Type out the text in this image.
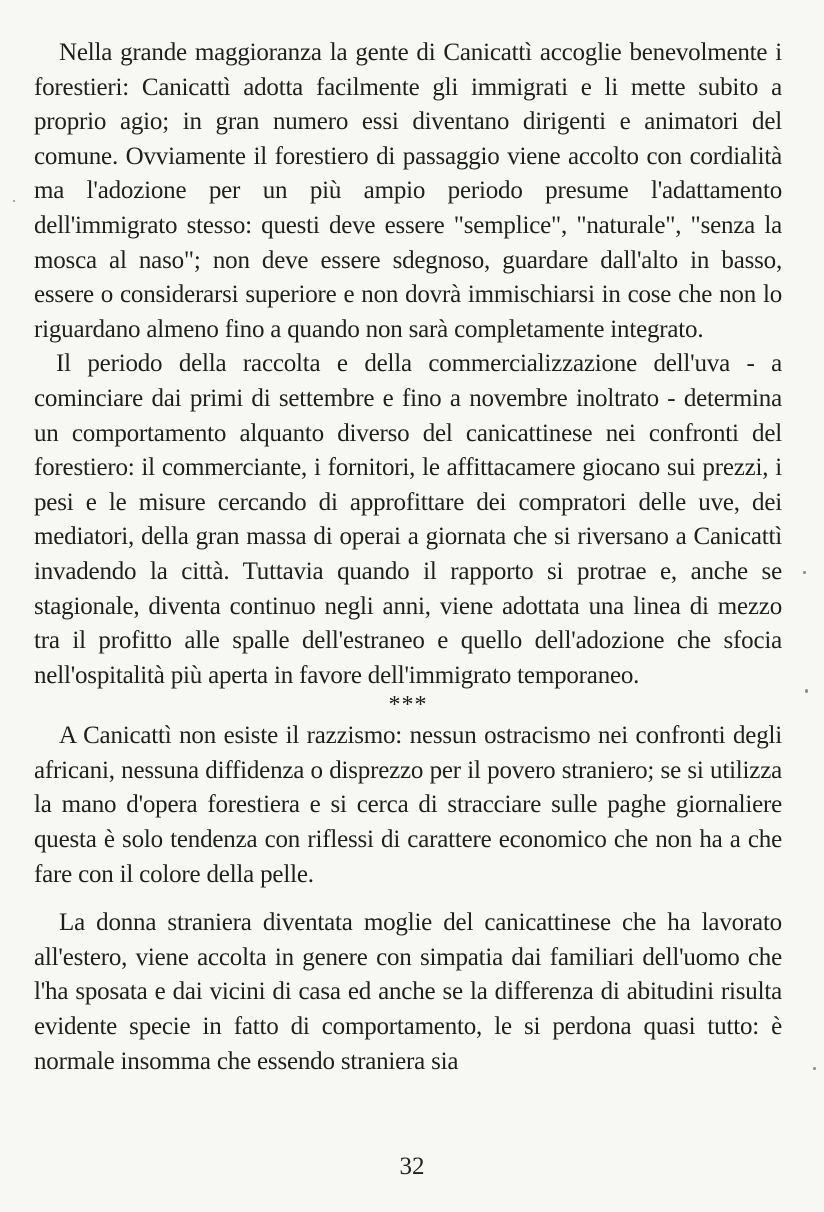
Nella grande maggioranza la gente di Canicattì accoglie benevolmente i forestieri: Canicattì adotta facilmente gli immigrati e li mette subito a proprio agio; in gran numero essi diventano dirigenti e animatori del comune. Ovviamente il forestiero di passaggio viene accolto con cordialità ma l'adozione per un più ampio periodo presume l'adattamento dell'immigrato stesso: questi deve essere "semplice", "naturale", "senza la mosca al naso"; non deve essere sdegnoso, guardare dall'alto in basso, essere o considerarsi superiore e non dovrà immischiarsi in cose che non lo riguardano almeno fino a quando non sarà completamente integrato.

Il periodo della raccolta e della commercializzazione dell'uva - a cominciare dai primi di settembre e fino a novembre inoltrato - determina un comportamento alquanto diverso del canicattinese nei confronti del forestiero: il commerciante, i fornitori, le affittacamere giocano sui prezzi, i pesi e le misure cercando di approfittare dei compratori delle uve, dei mediatori, della gran massa di operai a giornata che si riversano a Canicattì invadendo la città. Tuttavia quando il rapporto si protrae e, anche se stagionale, diventa continuo negli anni, viene adottata una linea di mezzo tra il profitto alle spalle dell'estraneo e quello dell'adozione che sfocia nell'ospitalità più aperta in favore dell'immigrato temporaneo.

***

A Canicattì non esiste il razzismo: nessun ostracismo nei confronti degli africani, nessuna diffidenza o disprezzo per il povero straniero; se si utilizza la mano d'opera forestiera e si cerca di stracciare sulle paghe giornaliere questa è solo tendenza con riflessi di carattere economico che non ha a che fare con il colore della pelle.

La donna straniera diventata moglie del canicattinese che ha lavorato all'estero, viene accolta in genere con simpatia dai familiari dell'uomo che l'ha sposata e dai vicini di casa ed anche se la differenza di abitudini risulta evidente specie in fatto di comportamento, le si perdona quasi tutto: è normale insomma che essendo straniera sia

32
